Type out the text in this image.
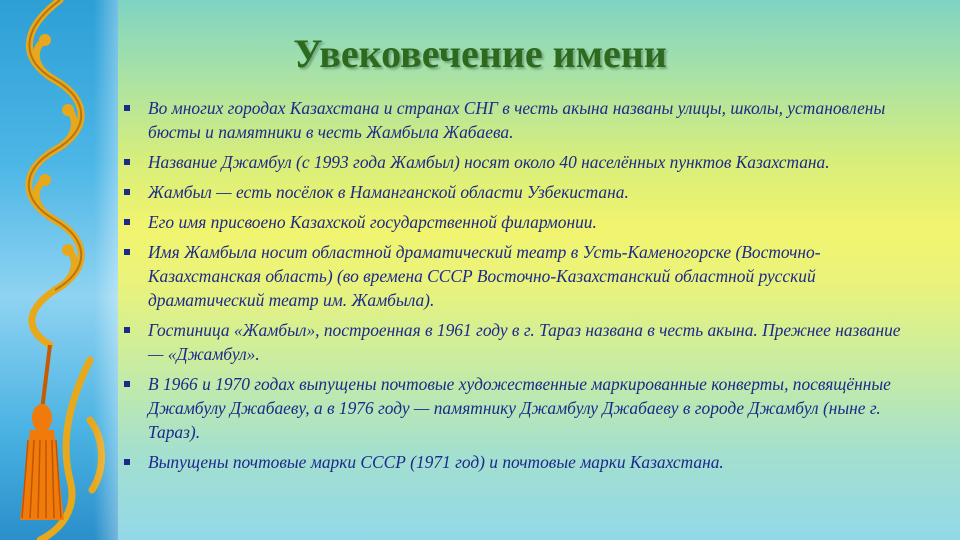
Увековечение имени
Во многих городах Казахстана и странах СНГ в честь акына названы улицы, школы, установлены бюсты и памятники в честь Жамбыла Жабаева.
Название Джамбул (с 1993 года Жамбыл) носят около 40 населённых пунктов Казахстана.
Жамбыл — есть посёлок в Наманганской области Узбекистана.
Его имя присвоено Казахской государственной филармонии.
Имя Жамбыла носит областной драматический театр в Усть-Каменогорске (Восточно-Казахстанская область) (во времена СССР Восточно-Казахстанский областной русский драматический театр им. Жамбыла).
Гостиница «Жамбыл», построенная в 1961 году в г. Тараз названа в честь акына. Прежнее название — «Джамбул».
В 1966 и 1970 годах выпущены почтовые художественные маркированные конверты, посвящённые Джамбулу Джабаеву, а в 1976 году — памятнику Джамбулу Джабаеву в городе Джамбул (ныне г. Тараз).
Выпущены почтовые марки СССР (1971 год) и почтовые марки Казахстана.
